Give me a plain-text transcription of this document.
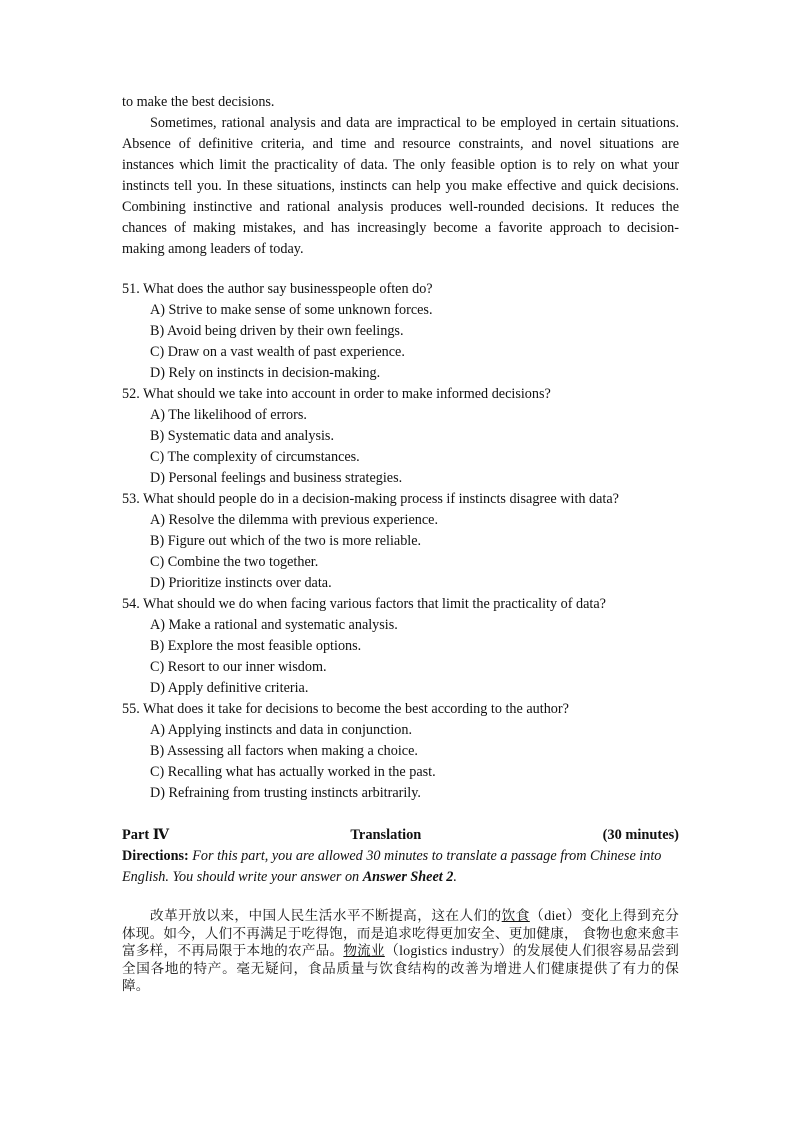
to make the best decisions.

Sometimes, rational analysis and data are impractical to be employed in certain situations. Absence of definitive criteria, and time and resource constraints, and novel situations are instances which limit the practicality of data. The only feasible option is to rely on what your instincts tell you. In these situations, instincts can help you make effective and quick decisions. Combining instinctive and rational analysis produces well-rounded decisions. It reduces the chances of making mistakes, and has increasingly become a favorite approach to decision- making among leaders of today.

51. What does the author say businesspeople often do?

A) Strive to make sense of some unknown forces.

B) Avoid being driven by their own feelings.

C) Draw on a vast wealth of past experience.

D) Rely on instincts in decision-making.

52. What should we take into account in order to make informed decisions?

A) The likelihood of errors.

B) Systematic data and analysis.

C) The complexity of circumstances.

D) Personal feelings and business strategies.

53. What should people do in a decision-making process if instincts disagree with data?

A) Resolve the dilemma with previous experience.

B) Figure out which of the two is more reliable.

C) Combine the two together.

D) Prioritize instincts over data.

54. What should we do when facing various factors that limit the practicality of data?

A) Make a rational and systematic analysis.

B) Explore the most feasible options.

C) Resort to our inner wisdom.

D) Apply definitive criteria.

55. What does it take for decisions to become the best according to the author?

A) Applying instincts and data in conjunction.

B) Assessing all factors when making a choice.

C) Recalling what has actually worked in the past.

D) Refraining from trusting instincts arbitrarily.

Part Ⅳ	Translation	(30 minutes)

Directions: For this part, you are allowed 30 minutes to translate a passage from Chinese into English. You should write your answer on Answer Sheet 2.

改革开放以来，中国人民生活水平不断提高，这在人们的饮食（diet）变化上得到充分体现。如今，人们不再满足于吃得饱，而是追求吃得更加安全、更加健康， 食物也愈来愈丰富多样，不再局限于本地的农产品。物流业（logistics industry）的发展使人们很容易品尝到全国各地的特产。毫无疑问，食品质量与饮食结构的改善为增进人们健康提供了有力的保障。
